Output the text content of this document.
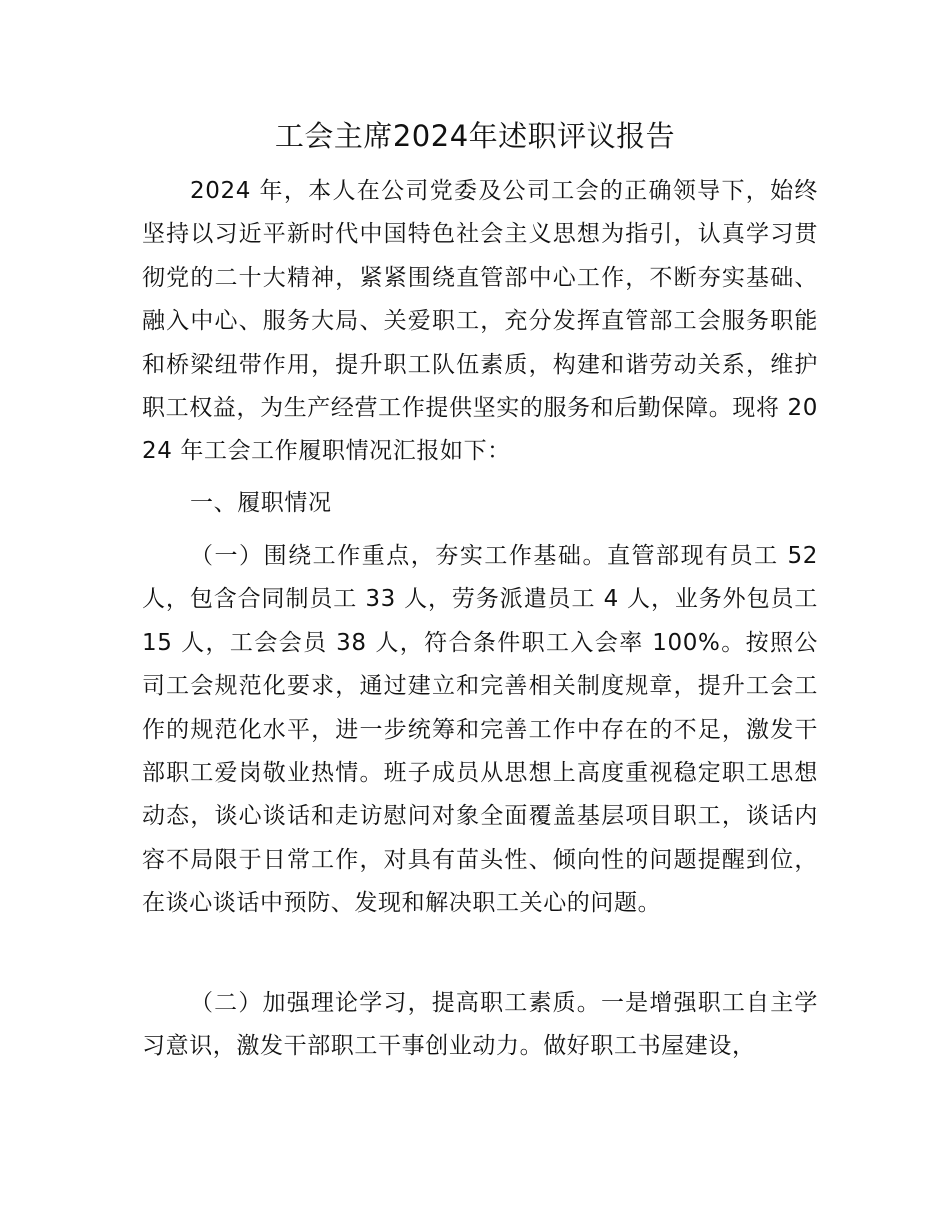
工会主席2024年述职评议报告

2024 年，本人在公司党委及公司工会的正确领导下，始终坚持以习近平新时代中国特色社会主义思想为指引，认真学习贯彻党的二十大精神，紧紧围绕直管部中心工作，不断夯实基础、融入中心、服务大局、关爱职工，充分发挥直管部工会服务职能和桥梁纽带作用，提升职工队伍素质，构建和谐劳动关系，维护职工权益，为生产经营工作提供坚实的服务和后勤保障。现将 2024 年工会工作履职情况汇报如下：

一、履职情况

（一）围绕工作重点，夯实工作基础。直管部现有员工 52 人，包含合同制员工 33 人，劳务派遣员工 4 人，业务外包员工 15 人，工会会员 38 人，符合条件职工入会率 100%。按照公司工会规范化要求，通过建立和完善相关制度规章，提升工会工作的规范化水平，进一步统筹和完善工作中存在的不足，激发干部职工爱岗敬业热情。班子成员从思想上高度重视稳定职工思想动态，谈心谈话和走访慰问对象全面覆盖基层项目职工，谈话内容不局限于日常工作，对具有苗头性、倾向性的问题提醒到位，在谈心谈话中预防、发现和解决职工关心的问题。

（二）加强理论学习，提高职工素质。一是增强职工自主学习意识，激发干部职工干事创业动力。做好职工书屋建设，
